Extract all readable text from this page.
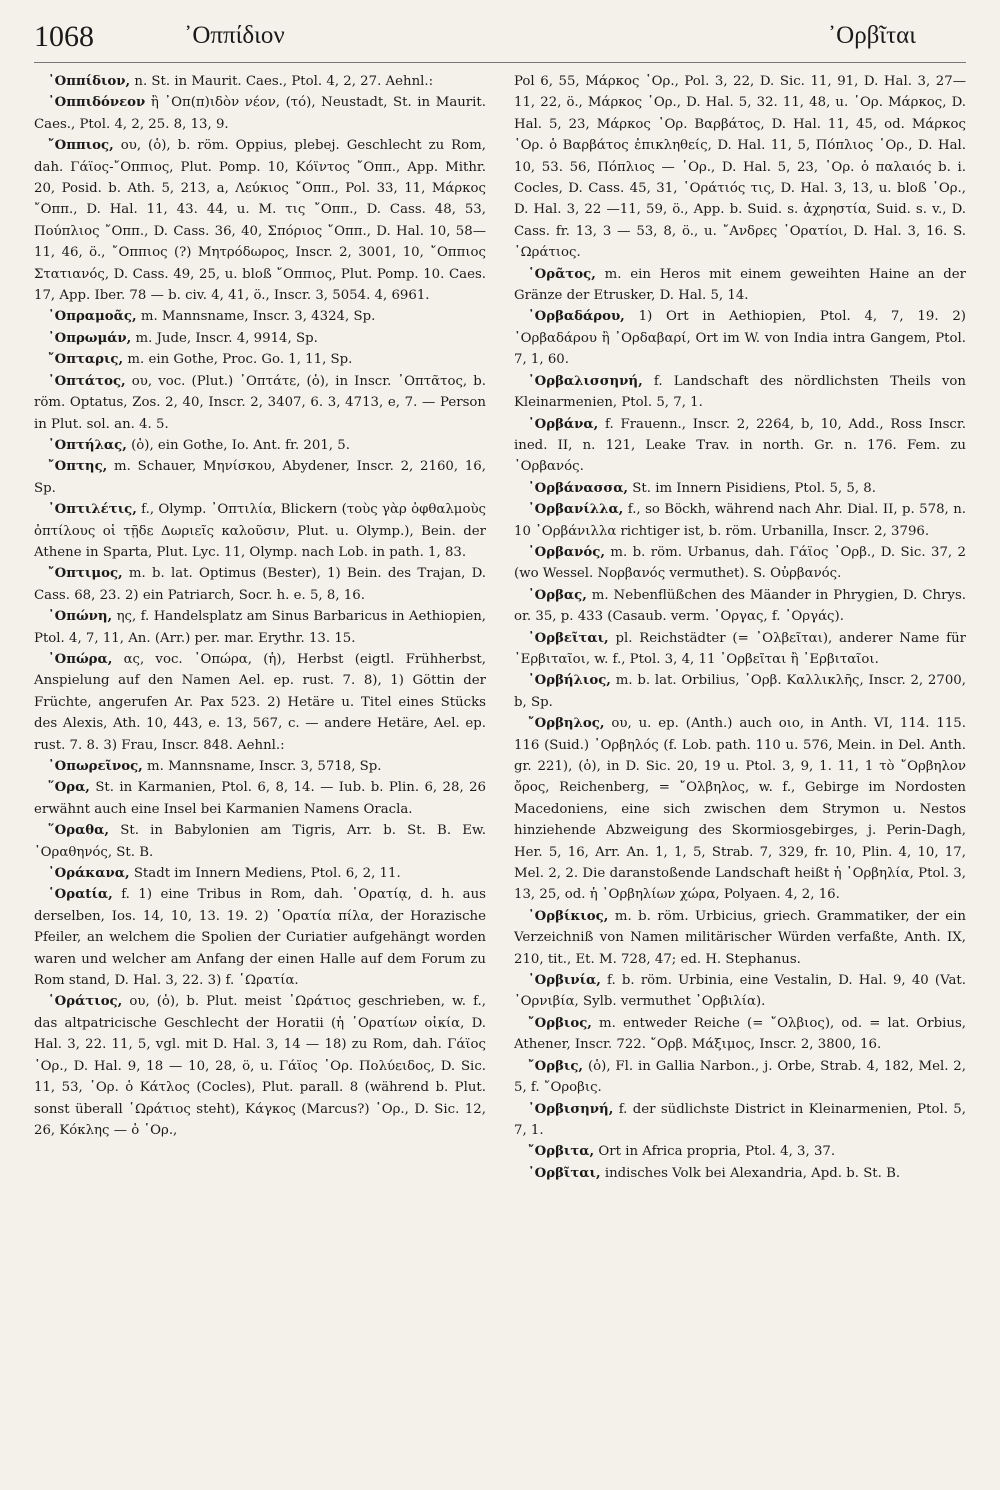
1068	᾽Οππίδιον	᾽Ορβῖται

᾽Οππίδιον, n. St. in Maurit. Caes., Ptol. 4, 2, 27. Aehnl.:

᾽Οππιδόνεον ἢ ᾽Οπ(π)ιδὸν νέον, (τό), Neustadt, St. in Maurit. Caes., Ptol. 4, 2, 25. 8, 13, 9.

῎Οππιος, ου, (ὁ), b. röm. Oppius, plebej. Geschlecht zu Rom, dah. Γάϊος-῎Οππιος, Plut. Pomp. 10, Κόϊντος ῎Οππ., App. Mithr. 20, Posid. b. Ath. 5, 213, a, Λεύκιος ῎Οππ., Pol. 33, 11, Μάρκος ῎Οππ., D. Hal. 11, 43. 44, u. M. τις ῎Οππ., D. Cass. 48, 53, Πούπλιος ῎Οππ., D. Cass. 36, 40, Σπόριος ῎Οππ., D. Hal. 10, 58—11, 46, ö., ῎Οππιος (?) Μητρόδωρος, Inscr. 2, 3001, 10, ῎Οππιος Στατιανός, D. Cass. 49, 25, u. bloß ῎Οππιος, Plut. Pomp. 10. Caes. 17, App. Iber. 78 — b. civ. 4, 41, ö., Inscr. 3, 5054. 4, 6961.

᾽Οπραμοᾶς, m. Mannsname, Inscr. 3, 4324, Sp.

᾽Οπρωμάν, m. Jude, Inscr. 4, 9914, Sp.

῎Οπταρις, m. ein Gothe, Proc. Go. 1, 11, Sp.

᾽Οπτάτος, ου, voc. (Plut.) ᾽Οπτάτε, (ὁ), in Inscr. ᾽Οπτᾶτος, b. röm. Optatus, Zos. 2, 40, Inscr. 2, 3407, 6. 3, 4713, e, 7. — Person in Plut. sol. an. 4. 5.

᾽Οπτήλας, (ὁ), ein Gothe, Io. Ant. fr. 201, 5.

῎Οπτης, m. Schauer, Μηνίσκου, Abydener, Inscr. 2, 2160, 16, Sp.

᾽Οπτιλέτις, f., Olymp. ᾽Οπτιλία, Blickern (τοὺς γὰρ ὀφθαλμοὺς ὀπτίλους οἱ τῇδε Δωριεῖς καλοῦσιν, Plut. u. Olymp.), Bein. der Athene in Sparta, Plut. Lyc. 11, Olymp. nach Lob. in path. 1, 83.

῎Οπτιμος, m. b. lat. Optimus (Bester), 1) Bein. des Trajan, D. Cass. 68, 23. 2) ein Patriarch, Socr. h. e. 5, 8, 16.

᾽Οπώνη, ης, f. Handelsplatz am Sinus Barbaricus in Aethiopien, Ptol. 4, 7, 11, An. (Arr.) per. mar. Erythr. 13. 15.

᾽Οπώρα, ας, voc. ᾽Οπώρα, (ἡ), Herbst (eigtl. Frühherbst, Anspielung auf den Namen Ael. ep. rust. 7. 8), 1) Göttin der Früchte, angerufen Ar. Pax 523. 2) Hetäre u. Titel eines Stücks des Alexis, Ath. 10, 443, e. 13, 567, c. — andere Hetäre, Ael. ep. rust. 7. 8. 3) Frau, Inscr. 848. Aehnl.:

᾽Οπωρεῖνος, m. Mannsname, Inscr. 3, 5718, Sp.

῞Ορα, St. in Karmanien, Ptol. 6, 8, 14. — Iub. b. Plin. 6, 28, 26 erwähnt auch eine Insel bei Karmanien Namens Oracla.

῞Οραθα, St. in Babylonien am Tigris, Arr. b. St. B. Ew. ᾽Οραθηνός, St. B.

᾽Οράκανα, Stadt im Innern Mediens, Ptol. 6, 2, 11.

῾Οραtία, f. 1) eine Tribus in Rom, dah. ῾Ορατίᾳ, d. h. aus derselben, Ios. 14, 10, 13. 19. 2) ῾Ορατία πίλα, der Horazische Pfeiler, an welchem die Spolien der Curiatier aufgehängt worden waren und welcher am Anfang der einen Halle auf dem Forum zu Rom stand, D. Hal. 3, 22. 3) f. ῾Ωρατία.

῾Οράτιος, ου, (ὁ), b. Plut. meist ῾Ωράτιος geschrieben, w. f., das altpatricische Geschlecht der Horatii (ἡ ῾Ορατίων οἰκία, D. Hal. 3, 22. 11, 5, vgl. mit D. Hal. 3, 14 — 18) zu Rom, dah. Γάϊος ῾Ορ., D. Hal. 9, 18 — 10, 28, ö, u. Γάϊος ῾Ορ. Πολύειδος, D. Sic. 11, 53, ῾Ορ. ὁ Κάτλος (Cocles), Plut. parall. 8 (während b. Plut. sonst überall ῾Ωράτιος steht), Κάγκος (Marcus?) ῾Ορ., D. Sic. 12, 26, Κόκλης — ὁ ῾Ορ.,

Pol 6, 55, Μάρκος ῾Ορ., Pol. 3, 22, D. Sic. 11, 91, D. Hal. 3, 27—11, 22, ö., Μάρκος ῾Ορ., D. Hal. 5, 32. 11, 48, u. ῾Ορ. Μάρκος, D. Hal. 5, 23, Μάρκος ῾Ορ. Βαρβάτος, D. Hal. 11, 45, od. Μάρκος ῾Ορ. ὁ Βαρβάτος ἐπικληθείς, D. Hal. 11, 5, Πόπλιος ῾Ορ., D. Hal. 10, 53. 56, Πόπλιος — ῾Ορ., D. Hal. 5, 23, ῾Ορ. ὁ παλαιός b. i. Cocles, D. Cass. 45, 31, ῾Οράτιός τις, D. Hal. 3, 13, u. bloß ῾Ορ., D. Hal. 3, 22 —11, 59, ö., App. b. Suid. s. ἀχρηστία, Suid. s. v., D. Cass. fr. 13, 3 — 53, 8, ö., u. ῎Ανδρες ῾Ορατίοι, D. Hal. 3, 16. S. ῾Ωράτιος.

῾Ορᾶτος, m. ein Heros mit einem geweihten Haine an der Gränze der Etrusker, D. Hal. 5, 14.

᾽Ορβαδάρου, 1) Ort in Aethiopien, Ptol. 4, 7, 19. 2) ᾽Ορβαδάρου ἢ ᾽Ορδαβαρί, Ort im W. von India intra Gangem, Ptol. 7, 1, 60.

᾽Ορβαλισσηνή, f. Landschaft des nördlichsten Theils von Kleinarmenien, Ptol. 5, 7, 1.

᾽Ορβάνα, f. Frauenn., Inscr. 2, 2264, b, 10, Add., Ross Inscr. ined. II, n. 121, Leake Trav. in north. Gr. n. 176. Fem. zu ᾽Ορβανός.

᾽Ορβάνασσα, St. im Innern Pisidiens, Ptol. 5, 5, 8.

᾽Ορβανίλλα, f., so Böckh, während nach Ahr. Dial. II, p. 578, n. 10 ᾽Ορβάνιλλα richtiger ist, b. röm. Urbanilla, Inscr. 2, 3796.

᾽Ορβανός, m. b. röm. Urbanus, dah. Γάϊος ᾽Ορβ., D. Sic. 37, 2 (wo Wessel. Νορβανός vermuthet). S. Οὐρβανός.

᾽Ορβας, m. Nebenflüßchen des Mäander in Phrygien, D. Chrys. or. 35, p. 433 (Casaub. verm. ᾽Οργας, f. ᾽Οργάς).

᾽Ορβεῖται, pl. Reichstädter (= ᾽Ολβεῖται), anderer Name für ᾽Ερβιταῖοι, w. f., Ptol. 3, 4, 11 ᾽Ορβεῖται ἢ ᾽Ερβιταῖοι.

᾽Ορβήλιος, m. b. lat. Orbilius, ᾽Ορβ. Καλλικλῆς, Inscr. 2, 2700, b, Sp.

῎Ορβηλος, ου, u. ep. (Anth.) auch οιο, in Anth. VI, 114. 115. 116 (Suid.) ᾽Ορβηλός (f. Lob. path. 110 u. 576, Mein. in Del. Anth. gr. 221), (ὁ), in D. Sic. 20, 19 u. Ptol. 3, 9, 1. 11, 1 τὸ ῎Ορβηλον ὄρος, Reichenberg, = ῎Ολβηλος, w. f., Gebirge im Nordosten Macedoniens, eine sich zwischen dem Strymon u. Nestos hinziehende Abzweigung des Skormiosgebirges, j. Perin-Dagh, Her. 5, 16, Arr. An. 1, 1, 5, Strab. 7, 329, fr. 10, Plin. 4, 10, 17, Mel. 2, 2. Die daranstoßende Landschaft heißt ἡ ᾽Ορβηλία, Ptol. 3, 13, 25, od. ἡ ᾽Ορβηλίων χώρα, Polyaen. 4, 2, 16.

᾽Ορβίκιος, m. b. röm. Urbicius, griech. Grammatiker, der ein Verzeichniß von Namen militärischer Würden verfaßte, Anth. IX, 210, tit., Et. M. 728, 47; ed. H. Stephanus.

᾽Ορβινία, f. b. röm. Urbinia, eine Vestalin, D. Hal. 9, 40 (Vat. ᾽Ορνιβία, Sylb. vermuthet ᾽Ορβιλία).

῎Ορβιος, m. entweder Reiche (= ῎Ολβιος), od. = lat. Orbius, Athener, Inscr. 722. ῎Ορβ. Μάξιμος, Inscr. 2, 3800, 16.

῎Ορβις, (ὁ), Fl. in Gallia Narbon., j. Orbe, Strab. 4, 182, Mel. 2, 5, f. ῎Οροβις.

᾽Ορβισηνή, f. der südlichste District in Kleinarmenien, Ptol. 5, 7, 1.

῎Ορβιτα, Ort in Africa propria, Ptol. 4, 3, 37.

᾽Ορβῖται, indisches Volk bei Alexandria, Apd. b. St. B.
